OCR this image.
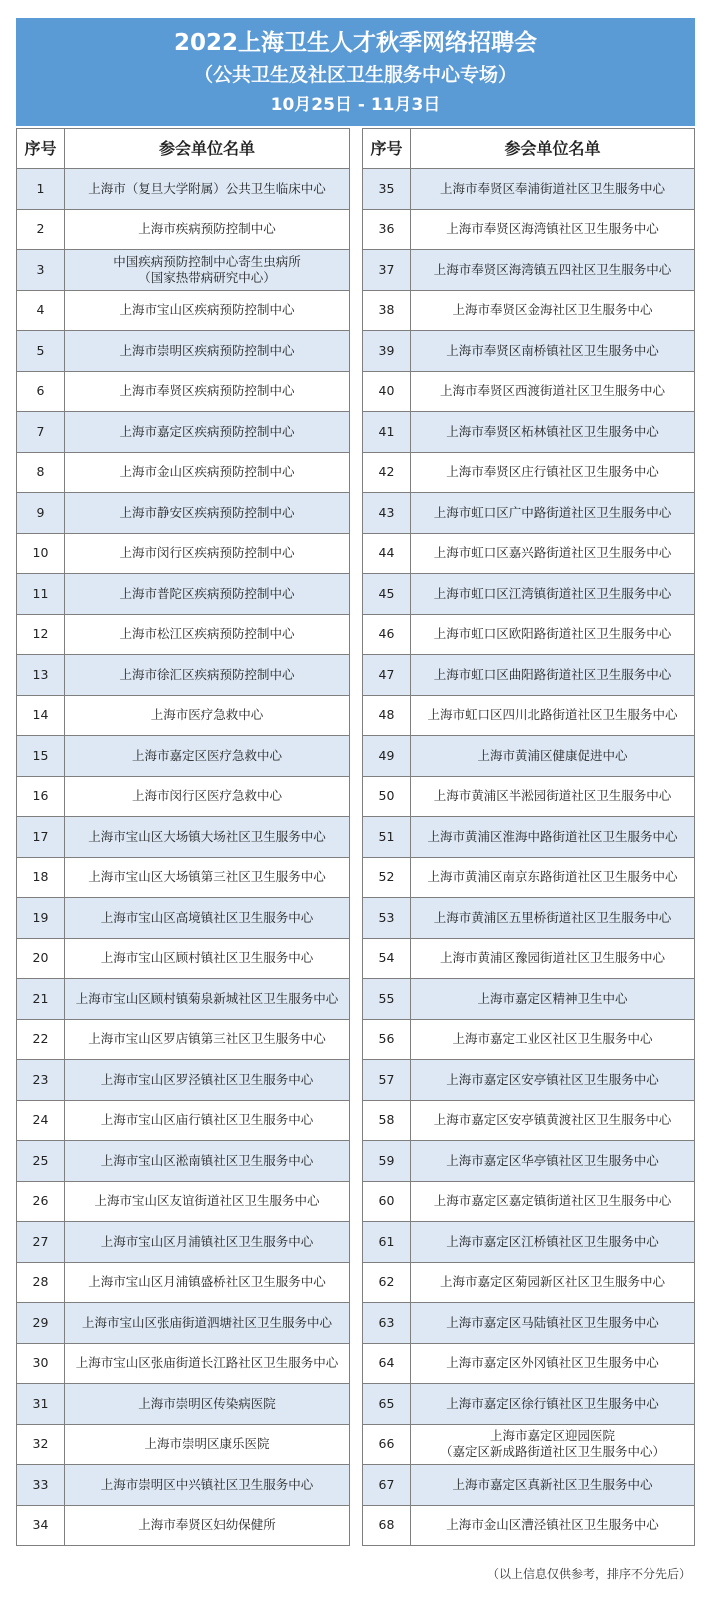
2022上海卫生人才秋季网络招聘会
（公共卫生及社区卫生服务中心专场）
10月25日 - 11月3日
序号	参会单位名单
1	上海市（复旦大学附属）公共卫生临床中心
2	上海市疾病预防控制中心
3	中国疾病预防控制中心寄生虫病所
（国家热带病研究中心）
4	上海市宝山区疾病预防控制中心
5	上海市崇明区疾病预防控制中心
6	上海市奉贤区疾病预防控制中心
7	上海市嘉定区疾病预防控制中心
8	上海市金山区疾病预防控制中心
9	上海市静安区疾病预防控制中心
10	上海市闵行区疾病预防控制中心
11	上海市普陀区疾病预防控制中心
12	上海市松江区疾病预防控制中心
13	上海市徐汇区疾病预防控制中心
14	上海市医疗急救中心
15	上海市嘉定区医疗急救中心
16	上海市闵行区医疗急救中心
17	上海市宝山区大场镇大场社区卫生服务中心
18	上海市宝山区大场镇第三社区卫生服务中心
19	上海市宝山区高境镇社区卫生服务中心
20	上海市宝山区顾村镇社区卫生服务中心
21	上海市宝山区顾村镇菊泉新城社区卫生服务中心
22	上海市宝山区罗店镇第三社区卫生服务中心
23	上海市宝山区罗泾镇社区卫生服务中心
24	上海市宝山区庙行镇社区卫生服务中心
25	上海市宝山区淞南镇社区卫生服务中心
26	上海市宝山区友谊街道社区卫生服务中心
27	上海市宝山区月浦镇社区卫生服务中心
28	上海市宝山区月浦镇盛桥社区卫生服务中心
29	上海市宝山区张庙街道泗塘社区卫生服务中心
30	上海市宝山区张庙街道长江路社区卫生服务中心
31	上海市崇明区传染病医院
32	上海市崇明区康乐医院
33	上海市崇明区中兴镇社区卫生服务中心
34	上海市奉贤区妇幼保健所
序号	参会单位名单
35	上海市奉贤区奉浦街道社区卫生服务中心
36	上海市奉贤区海湾镇社区卫生服务中心
37	上海市奉贤区海湾镇五四社区卫生服务中心
38	上海市奉贤区金海社区卫生服务中心
39	上海市奉贤区南桥镇社区卫生服务中心
40	上海市奉贤区西渡街道社区卫生服务中心
41	上海市奉贤区柘林镇社区卫生服务中心
42	上海市奉贤区庄行镇社区卫生服务中心
43	上海市虹口区广中路街道社区卫生服务中心
44	上海市虹口区嘉兴路街道社区卫生服务中心
45	上海市虹口区江湾镇街道社区卫生服务中心
46	上海市虹口区欧阳路街道社区卫生服务中心
47	上海市虹口区曲阳路街道社区卫生服务中心
48	上海市虹口区四川北路街道社区卫生服务中心
49	上海市黄浦区健康促进中心
50	上海市黄浦区半淞园街道社区卫生服务中心
51	上海市黄浦区淮海中路街道社区卫生服务中心
52	上海市黄浦区南京东路街道社区卫生服务中心
53	上海市黄浦区五里桥街道社区卫生服务中心
54	上海市黄浦区豫园街道社区卫生服务中心
55	上海市嘉定区精神卫生中心
56	上海市嘉定工业区社区卫生服务中心
57	上海市嘉定区安亭镇社区卫生服务中心
58	上海市嘉定区安亭镇黄渡社区卫生服务中心
59	上海市嘉定区华亭镇社区卫生服务中心
60	上海市嘉定区嘉定镇街道社区卫生服务中心
61	上海市嘉定区江桥镇社区卫生服务中心
62	上海市嘉定区菊园新区社区卫生服务中心
63	上海市嘉定区马陆镇社区卫生服务中心
64	上海市嘉定区外冈镇社区卫生服务中心
65	上海市嘉定区徐行镇社区卫生服务中心
66	上海市嘉定区迎园医院
（嘉定区新成路街道社区卫生服务中心）
67	上海市嘉定区真新社区卫生服务中心
68	上海市金山区漕泾镇社区卫生服务中心
（以上信息仅供参考，排序不分先后）
